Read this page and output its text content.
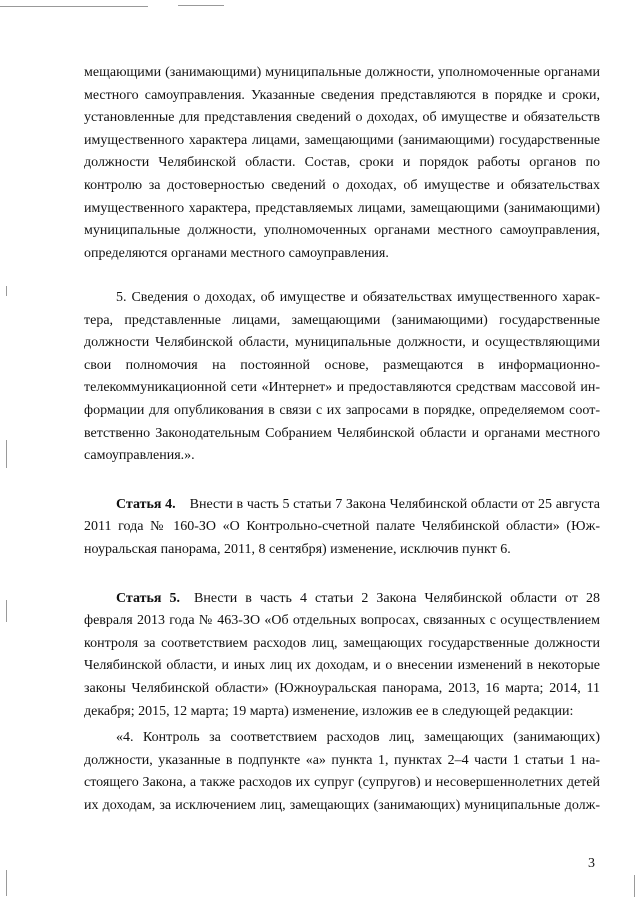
мещающими (занимающими) муниципальные должности, уполномоченные органами местного самоуправления. Указанные сведения представляются в порядке и сроки, установленные для представления сведений о доходах, об имуществе и обязательств имущественного характера лицами, замещающими (занимающими) государственные должности Челябинской области. Состав, сроки и порядок работы органов по контролю за достоверностью сведений о доходах, об имуществе и обязательствах имущественного характера, представляемых лицами, замещающими (занимающими) муниципальные должности, уполномоченных органами местного самоуправления, определяются органами местного самоуправления.

5. Сведения о доходах, об имуществе и обязательствах имущественного характера, представленные лицами, замещающими (занимающими) государственные должности Челябинской области, муниципальные должности, и осуществляющими свои полномочия на постоянной основе, размещаются в информационно-телекоммуникационной сети «Интернет» и предоставляются средствам массовой информации для опубликования в связи с их запросами в порядке, определяемом соответственно Законодательным Собранием Челябинской области и органами местного самоуправления.».

Статья 4. Внести в часть 5 статьи 7 Закона Челябинской области от 25 августа 2011 года № 160-ЗО «О Контрольно-счетной палате Челябинской области» (Южноуральская панорама, 2011, 8 сентября) изменение, исключив пункт 6.

Статья 5. Внести в часть 4 статьи 2 Закона Челябинской области от 28 февраля 2013 года № 463-ЗО «Об отдельных вопросах, связанных с осуществлением контроля за соответствием расходов лиц, замещающих государственные должности Челябинской области, и иных лиц их доходам, и о внесении изменений в некоторые законы Челябинской области» (Южноуральская панорама, 2013, 16 марта; 2014, 11 декабря; 2015, 12 марта; 19 марта) изменение, изложив ее в следующей редакции:

«4. Контроль за соответствием расходов лиц, замещающих (занимающих) должности, указанные в подпункте «а» пункта 1, пунктах 2–4 части 1 статьи 1 настоящего Закона, а также расходов их супруг (супругов) и несовершеннолетних детей их доходам, за исключением лиц, замещающих (занимающих) муниципальные долж-

3
